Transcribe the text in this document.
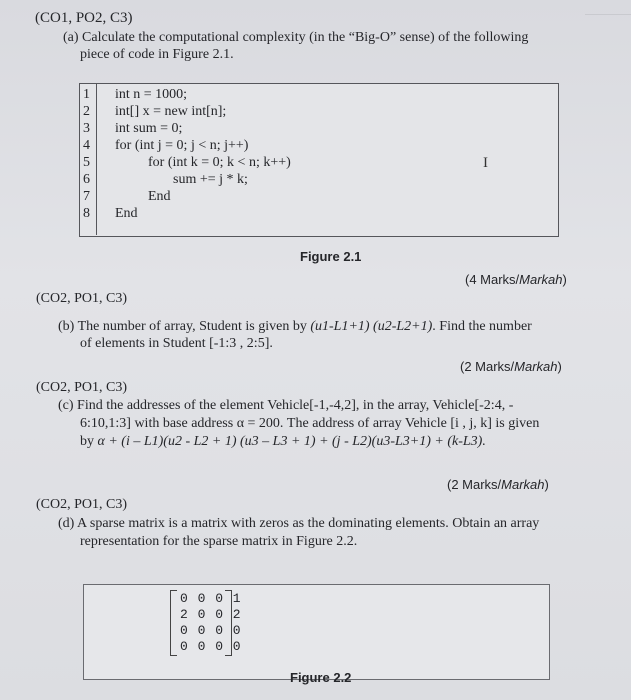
(CO1, PO2, C3)
(a) Calculate the computational complexity (in the “Big-O” sense) of the following
piece of code in Figure 2.1.
1
2
3
4
5
6
7
8
int n = 1000;
int[] x = new int[n];
int sum = 0;
for (int j = 0; j < n; j++)
for (int k = 0; k < n; k++)
sum += j * k;
End
End
I
Figure 2.1
(4 Marks/Markah)
(CO2, PO1, C3)
(b) The number of array, Student is given by (u1-L1+1) (u2-L2+1). Find the number
of elements in Student [-1:3 , 2:5].
(2 Marks/Markah)
(CO2, PO1, C3)
(c) Find the addresses of the element Vehicle[-1,-4,2], in the array, Vehicle[-2:4, -
6:10,1:3] with base address α = 200. The address of array Vehicle [i , j, k] is given
by α + (i – L1)(u2 - L2 + 1) (u3 – L3 + 1) + (j - L2)(u3-L3+1) + (k-L3).
(2 Marks/Markah)
(CO2, PO1, C3)
(d) A sparse matrix is a matrix with zeros as the dominating elements. Obtain an array
representation for the sparse matrix in Figure 2.2.
0 0 0 1
2 0 0 2
0 0 0 0
0 0 0 0
Figure 2.2
